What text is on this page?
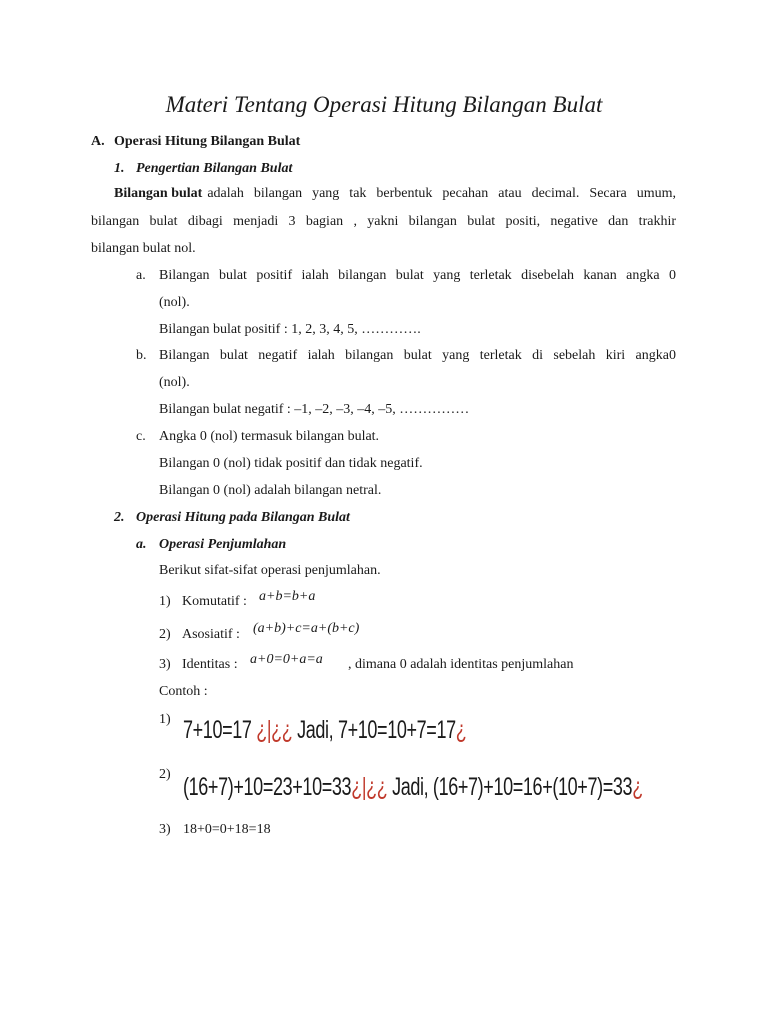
Materi Tentang Operasi Hitung Bilangan Bulat
A. Operasi Hitung Bilangan Bulat
1. Pengertian Bilangan Bulat
Bilangan bulat adalah bilangan yang tak berbentuk pecahan atau decimal. Secara umum,
bilangan bulat dibagi menjadi 3 bagian , yakni bilangan bulat positi, negative dan trakhir
bilangan bulat nol.
a. Bilangan bulat positif ialah bilangan bulat yang terletak disebelah kanan angka 0
(nol).
Bilangan bulat positif : 1, 2, 3, 4, 5, ………….
b. Bilangan bulat negatif ialah bilangan bulat yang terletak di sebelah kiri angka0
(nol).
Bilangan bulat negatif : –1, –2, –3, –4, –5, ……………
c. Angka 0 (nol) termasuk bilangan bulat.
Bilangan 0 (nol) tidak positif dan tidak negatif.
Bilangan 0 (nol) adalah bilangan netral.
2. Operasi Hitung pada Bilangan Bulat
a. Operasi Penjumlahan
Berikut sifat-sifat operasi penjumlahan.
1) Komutatif : a+b=b+a
2) Asosiatif : (a+b)+c=a+(b+c)
3) Identitas : a+0=0+a=a , dimana 0 adalah identitas penjumlahan
Contoh :
1) 7+10=17 ¿|¿¿ Jadi, 7+10=10+7=17¿
2) (16+7)+10=23+10=33¿|¿¿ Jadi, (16+7)+10=16+(10+7)=33¿
3) 18+0=0+18=18
